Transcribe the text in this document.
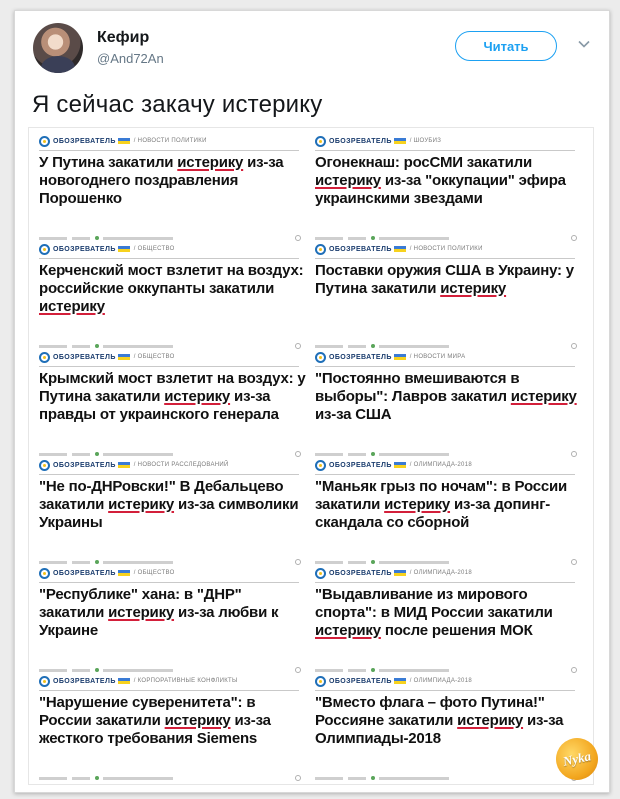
Кефир
@And72An
Читать
Я сейчас закачу истерику
ОБОЗРЕВАТЕЛЬ	/ НОВОСТИ ПОЛИТИКИ
У Путина закатили истерику из-за новогоднего поздравления Порошенко
ОБОЗРЕВАТЕЛЬ	/ ШОУБИЗ
Огонекнаш: росСМИ закатили истерику из-за "оккупации" эфира украинскими звездами
ОБОЗРЕВАТЕЛЬ	/ ОБЩЕСТВО
Керченский мост взлетит на воздух: российские оккупанты закатили истерику
ОБОЗРЕВАТЕЛЬ	/ НОВОСТИ ПОЛИТИКИ
Поставки оружия США в Украину: у Путина закатили истерику
ОБОЗРЕВАТЕЛЬ	/ ОБЩЕСТВО
Крымский мост взлетит на воздух: у Путина закатили истерику из-за правды от украинского генерала
ОБОЗРЕВАТЕЛЬ	/ НОВОСТИ МИРА
"Постоянно вмешиваются в выборы": Лавров закатил истерику из-за США
ОБОЗРЕВАТЕЛЬ	/ НОВОСТИ РАССЛЕДОВАНИЙ
"Не по-ДНРовски!" В Дебальцево закатили истерику из-за символики Украины
ОБОЗРЕВАТЕЛЬ	/ ОЛИМПИАДА-2018
"Маньяк грыз по ночам": в России закатили истерику из-за допинг-скандала со сборной
ОБОЗРЕВАТЕЛЬ	/ ОБЩЕСТВО
"Республике" хана: в "ДНР" закатили истерику из-за любви к Украине
ОБОЗРЕВАТЕЛЬ	/ ОЛИМПИАДА-2018
"Выдавливание из мирового спорта": в МИД России закатили истерику после решения МОК
ОБОЗРЕВАТЕЛЬ	/ КОРПОРАТИВНЫЕ КОНФЛИКТЫ
"Нарушение суверенитета": в России закатили истерику из-за жесткого требования Siemens
ОБОЗРЕВАТЕЛЬ	/ ОЛИМПИАДА-2018
"Вместо флага – фото Путина!" Россияне закатили истерику из-за Олимпиады-2018
Nyka
